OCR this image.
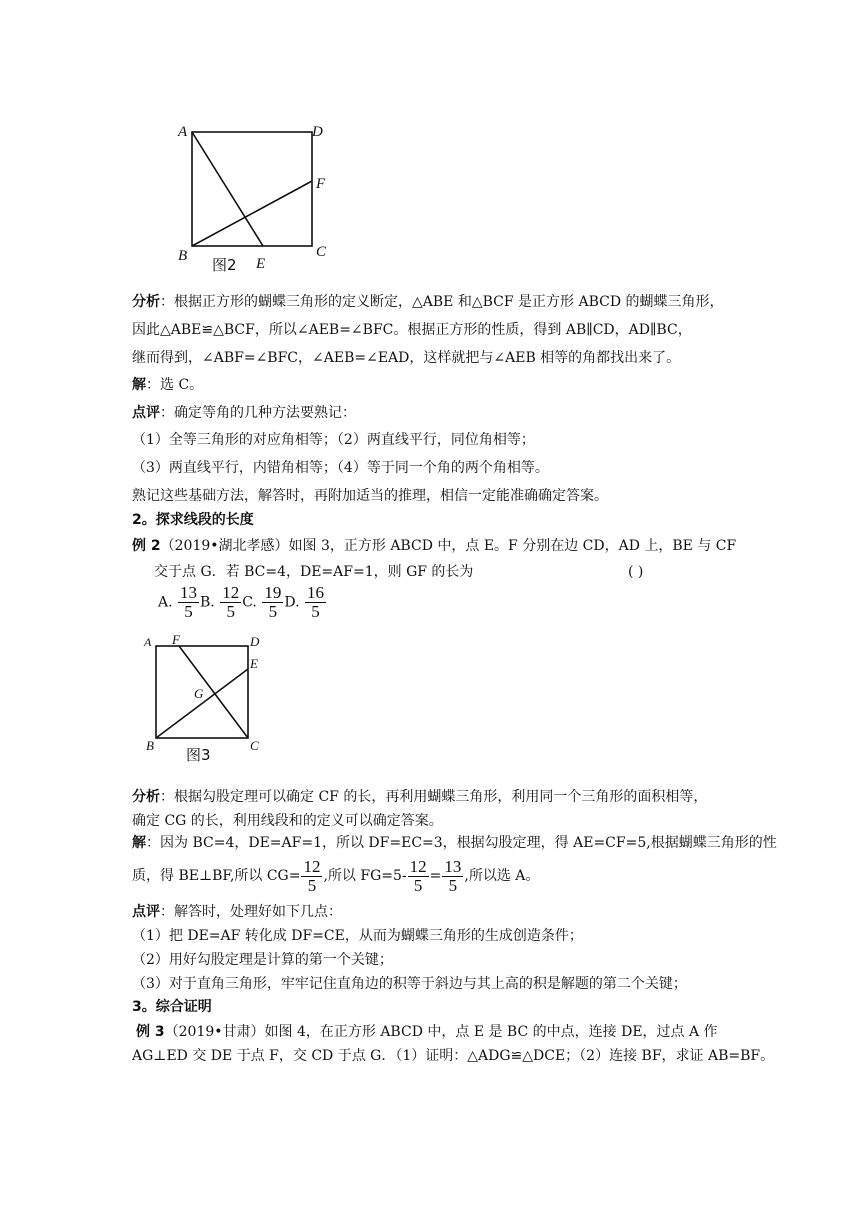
A	D
F
B	E
C
图2
分析：根据正方形的蝴蝶三角形的定义断定，△ABE 和△BCF 是正方形 ABCD 的蝴蝶三角形，
因此△ABE≌△BCF，所以∠AEB=∠BFC。根据正方形的性质，得到 AB∥CD，AD∥BC，
继而得到，∠ABF=∠BFC，∠AEB=∠EAD，这样就把与∠AEB 相等的角都找出来了。
解：选 C。
点评：确定等角的几种方法要熟记：
（1）全等三角形的对应角相等；（2）两直线平行，同位角相等；
（3）两直线平行，内错角相等；（4）等于同一个角的两个角相等。
熟记这些基础方法，解答时，再附加适当的推理，相信一定能准确确定答案。
2。探求线段的长度
例 2（2019•湖北孝感）如图 3，正方形 ABCD 中，点 E。F 分别在边 CD，AD 上，BE 与 CF
交于点 G．若 BC=4，DE=AF=1，则 GF 的长为	( )
A. $\frac{13}{5} B$. $\frac{12}{5} C$. $\frac{19}{5} D$. $\frac{16}{5}$
A F	D
E
G
B	C
图3
分析：根据勾股定理可以确定 CF 的长，再利用蝴蝶三角形，利用同一个三角形的面积相等，
确定 CG 的长，利用线段和的定义可以确定答案。
解：因为 BC=4，DE=AF=1，所以 DF=EC=3，根据勾股定理，得 AE=CF=5,根据蝴蝶三角形的性
质，得 BE⊥BF,所以 $CG= \frac{12}{5}$ ,所以 $FG=5- \frac{12}{5} = \frac{13}{5}$ ,所以选 A。
点评：解答时，处理好如下几点：
（1）把 DE=AF 转化成 DF=CE，从而为蝴蝶三角形的生成创造条件；
（2）用好勾股定理是计算的第一个关键；
（3）对于直角三角形，牢牢记住直角边的积等于斜边与其上高的积是解题的第二个关键；
3。综合证明
例 3（2019•甘肃）如图 4，在正方形 ABCD 中，点 E 是 BC 的中点，连接 DE，过点 A 作
AG⊥ED 交 DE 于点 F，交 CD 于点 G．（1）证明：△ADG≌△DCE；（2）连接 BF，求证 AB=BF。
